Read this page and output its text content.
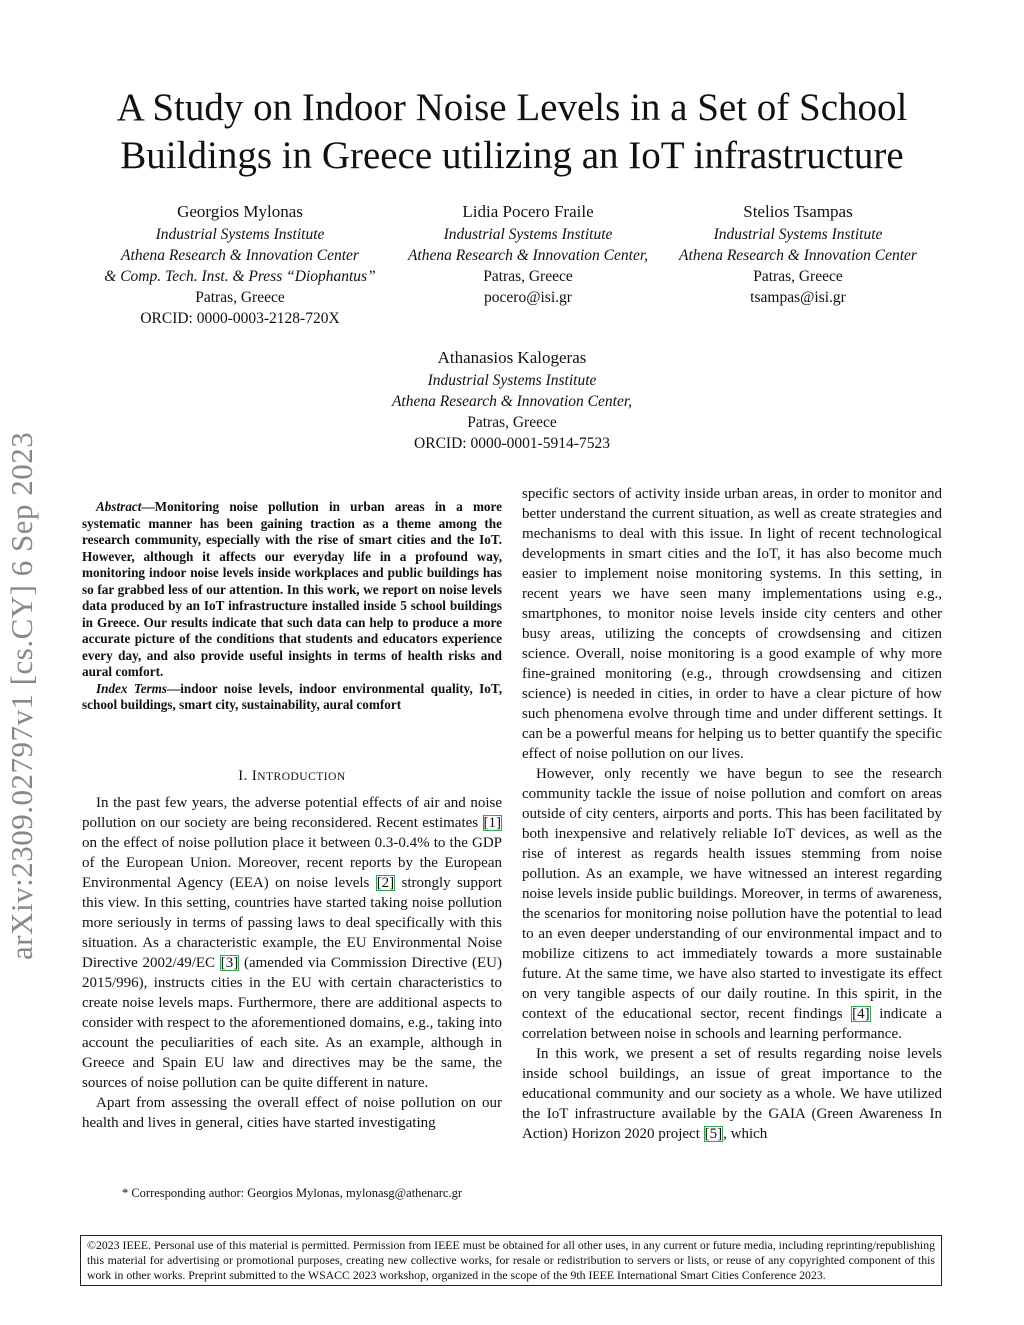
A Study on Indoor Noise Levels in a Set of School Buildings in Greece utilizing an IoT infrastructure
Georgios Mylonas
Industrial Systems Institute
Athena Research & Innovation Center
& Comp. Tech. Inst. & Press “Diophantus”
Patras, Greece
ORCID: 0000-0003-2128-720X
Lidia Pocero Fraile
Industrial Systems Institute
Athena Research & Innovation Center,
Patras, Greece
pocero@isi.gr
Stelios Tsampas
Industrial Systems Institute
Athena Research & Innovation Center
Patras, Greece
tsampas@isi.gr
Athanasios Kalogeras
Industrial Systems Institute
Athena Research & Innovation Center,
Patras, Greece
ORCID: 0000-0001-5914-7523
arXiv:2309.02797v1 [cs.CY] 6 Sep 2023	Abstract—Monitoring noise pollution in urban areas in a more systematic manner has been gaining traction as a theme among the research community, especially with the rise of smart cities and the IoT. However, although it affects our everyday life in a profound way, monitoring indoor noise levels inside workplaces and public buildings has so far grabbed less of our attention. In this work, we report on noise levels data produced by an IoT infrastructure installed inside 5 school buildings in Greece. Our results indicate that such data can help to produce a more accurate picture of the conditions that students and educators experience every day, and also provide useful insights in terms of health risks and aural comfort.

Index Terms—indoor noise levels, indoor environmental quality, IoT, school buildings, smart city, sustainability, aural comfort

I. INTRODUCTION

In the past few years, the adverse potential effects of air and noise pollution on our society are being reconsidered. Recent estimates [1] on the effect of noise pollution place it between 0.3-0.4% to the GDP of the European Union. Moreover, recent reports by the European Environmental Agency (EEA) on noise levels [2] strongly support this view. In this setting, countries have started taking noise pollution more seriously in terms of passing laws to deal specifically with this situation. As a characteristic example, the EU Environmental Noise Directive 2002/49/EC [3] (amended via Commission Directive (EU) 2015/996), instructs cities in the EU with certain characteristics to create noise levels maps. Furthermore, there are additional aspects to consider with respect to the aforementioned domains, e.g., taking into account the peculiarities of each site. As an example, although in Greece and Spain EU law and directives may be the same, the sources of noise pollution can be quite different in nature.

Apart from assessing the overall effect of noise pollution on our health and lives in general, cities have started investigating

* Corresponding author: Georgios Mylonas, mylonasg@athenarc.gr

specific sectors of activity inside urban areas, in order to monitor and better understand the current situation, as well as create strategies and mechanisms to deal with this issue. In light of recent technological developments in smart cities and the IoT, it has also become much easier to implement noise monitoring systems. In this setting, in recent years we have seen many implementations using e.g., smartphones, to monitor noise levels inside city centers and other busy areas, utilizing the concepts of crowdsensing and citizen science. Overall, noise monitoring is a good example of why more fine-grained monitoring (e.g., through crowdsensing and citizen science) is needed in cities, in order to have a clear picture of how such phenomena evolve through time and under different settings. It can be a powerful means for helping us to better quantify the specific effect of noise pollution on our lives.

However, only recently we have begun to see the research community tackle the issue of noise pollution and comfort on areas outside of city centers, airports and ports. This has been facilitated by both inexpensive and relatively reliable IoT devices, as well as the rise of interest as regards health issues stemming from noise pollution. As an example, we have witnessed an interest regarding noise levels inside public buildings. Moreover, in terms of awareness, the scenarios for monitoring noise pollution have the potential to lead to an even deeper understanding of our environmental impact and to mobilize citizens to act immediately towards a more sustainable future. At the same time, we have also started to investigate its effect on very tangible aspects of our daily routine. In this spirit, in the context of the educational sector, recent findings [4] indicate a correlation between noise in schools and learning performance.

In this work, we present a set of results regarding noise levels inside school buildings, an issue of great importance to the educational community and our society as a whole. We have utilized the IoT infrastructure available by the GAIA (Green Awareness In Action) Horizon 2020 project [5], which

©2023 IEEE. Personal use of this material is permitted. Permission from IEEE must be obtained for all other uses, in any current or future media, including reprinting/republishing this material for advertising or promotional purposes, creating new collective works, for resale or redistribution to servers or lists, or reuse of any copyrighted component of this work in other works. Preprint submitted to the WSACC 2023 workshop, organized in the scope of the 9th IEEE International Smart Cities Conference 2023.
